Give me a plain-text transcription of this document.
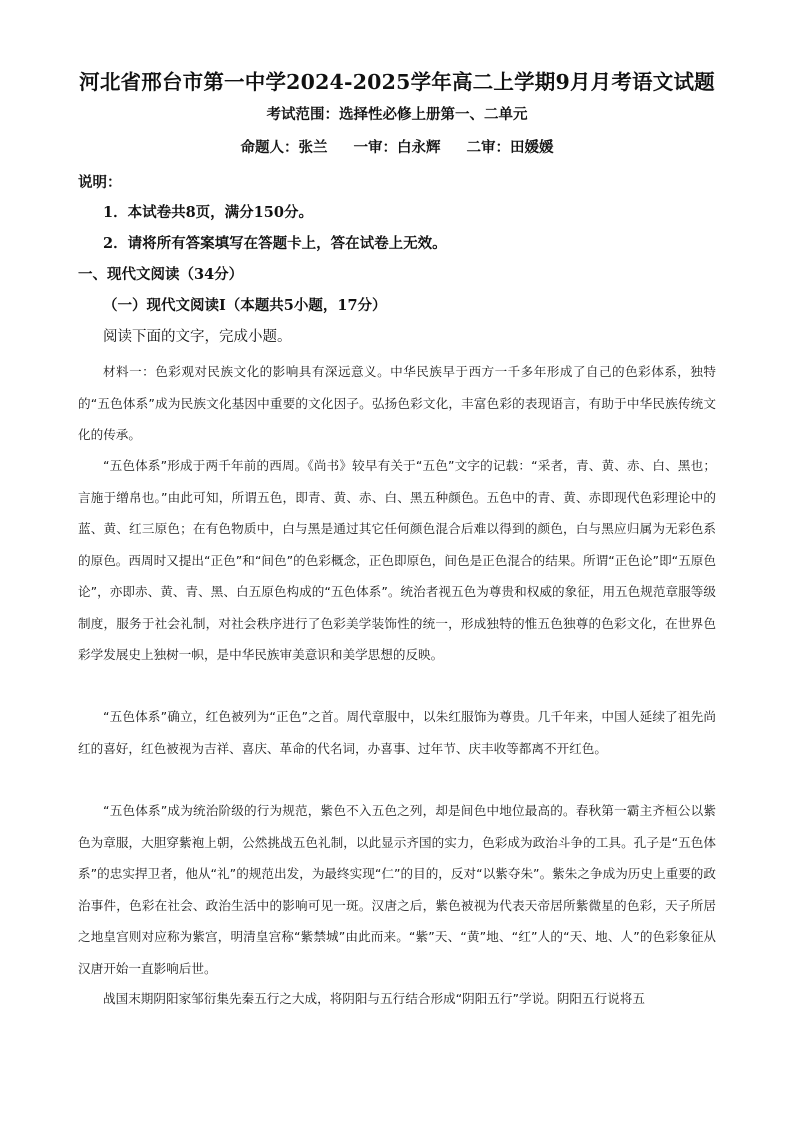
河北省邢台市第一中学2024-2025学年高二上学期9月月考语文试题
考试范围：选择性必修上册第一、二单元
命题人：张兰 一审：白永辉 二审：田媛媛
说明：
1．本试卷共8页，满分150分。
2．请将所有答案填写在答题卡上，答在试卷上无效。
一、现代文阅读（34分）
（一）现代文阅读Ⅰ（本题共5小题，17分）
阅读下面的文字，完成小题。
材料一：色彩观对民族文化的影响具有深远意义。中华民族早于西方一千多年形成了自己的色彩体系，独特的“五色体系”成为民族文化基因中重要的文化因子。弘扬色彩文化，丰富色彩的表现语言，有助于中华民族传统文化的传承。
“五色体系”形成于两千年前的西周。《尚书》较早有关于“五色”文字的记载：“采者，青、黄、赤、白、黑也；言施于缯帛也。”由此可知，所谓五色，即青、黄、赤、白、黑五种颜色。五色中的青、黄、赤即现代色彩理论中的蓝、黄、红三原色；在有色物质中，白与黑是通过其它任何颜色混合后难以得到的颜色，白与黑应归属为无彩色系的原色。西周时又提出“正色”和“间色”的色彩概念，正色即原色，间色是正色混合的结果。所谓“正色论”即“五原色论”，亦即赤、黄、青、黑、白五原色构成的“五色体系”。统治者视五色为尊贵和权威的象征，用五色规范章服等级制度，服务于社会礼制，对社会秩序进行了色彩美学装饰性的统一，形成独特的惟五色独尊的色彩文化，在世界色彩学发展史上独树一帜，是中华民族审美意识和美学思想的反映。
“五色体系”确立，红色被列为“正色”之首。周代章服中，以朱红服饰为尊贵。几千年来，中国人延续了祖先尚红的喜好，红色被视为吉祥、喜庆、革命的代名词，办喜事、过年节、庆丰收等都离不开红色。
“五色体系”成为统治阶级的行为规范，紫色不入五色之列，却是间色中地位最高的。春秋第一霸主齐桓公以紫色为章服，大胆穿紫袍上朝，公然挑战五色礼制，以此显示齐国的实力，色彩成为政治斗争的工具。孔子是“五色体系”的忠实捍卫者，他从“礼”的规范出发，为最终实现“仁”的目的，反对“以紫夺朱”。紫朱之争成为历史上重要的政治事件，色彩在社会、政治生活中的影响可见一斑。汉唐之后，紫色被视为代表天帝居所紫微星的色彩，天子所居之地皇宫则对应称为紫宫，明清皇宫称“紫禁城”由此而来。“紫”天、“黄”地、“红”人的“天、地、人”的色彩象征从汉唐开始一直影响后世。
战国末期阴阳家邹衍集先秦五行之大成，将阴阳与五行结合形成“阴阳五行”学说。阴阳五行说将五
